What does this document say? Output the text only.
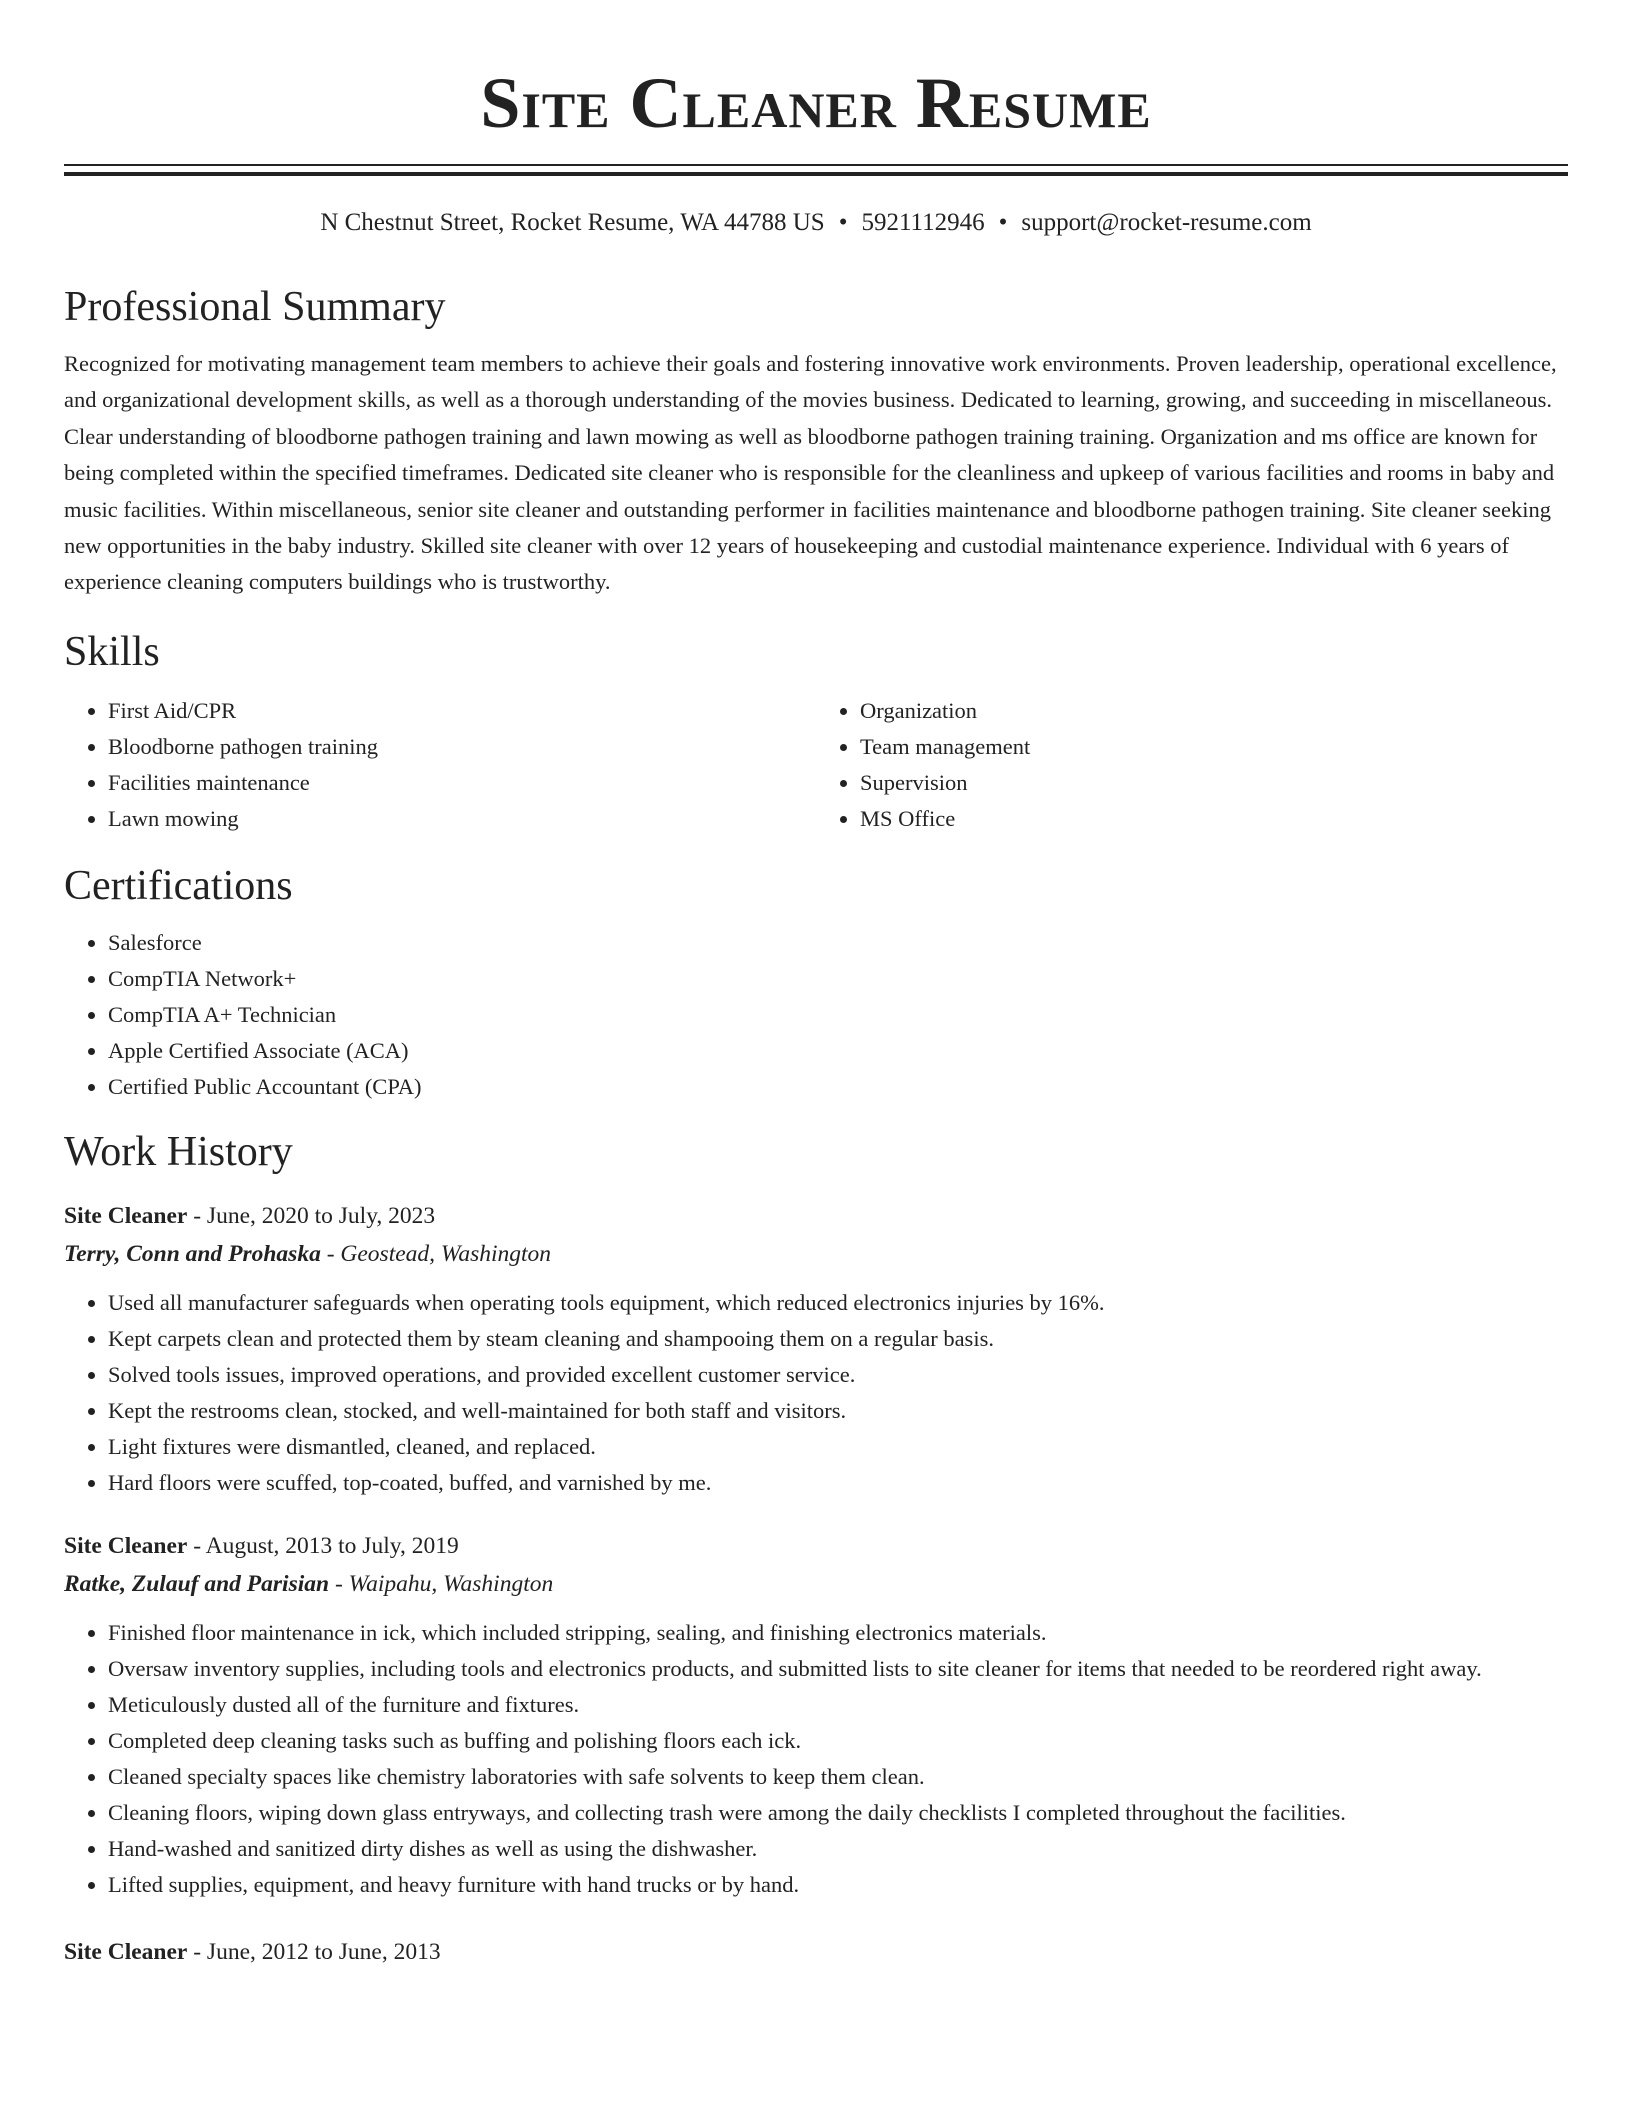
Site Cleaner Resume
N Chestnut Street, Rocket Resume, WA 44788 US • 5921112946 • support@rocket-resume.com
Professional Summary
Recognized for motivating management team members to achieve their goals and fostering innovative work environments. Proven leadership, operational excellence, and organizational development skills, as well as a thorough understanding of the movies business. Dedicated to learning, growing, and succeeding in miscellaneous. Clear understanding of bloodborne pathogen training and lawn mowing as well as bloodborne pathogen training training. Organization and ms office are known for being completed within the specified timeframes. Dedicated site cleaner who is responsible for the cleanliness and upkeep of various facilities and rooms in baby and music facilities. Within miscellaneous, senior site cleaner and outstanding performer in facilities maintenance and bloodborne pathogen training. Site cleaner seeking new opportunities in the baby industry. Skilled site cleaner with over 12 years of housekeeping and custodial maintenance experience. Individual with 6 years of experience cleaning computers buildings who is trustworthy.
Skills
• First Aid/CPR
• Bloodborne pathogen training
• Facilities maintenance
• Lawn mowing
• Organization
• Team management
• Supervision
• MS Office
Certifications
• Salesforce
• CompTIA Network+
• CompTIA A+ Technician
• Apple Certified Associate (ACA)
• Certified Public Accountant (CPA)
Work History
Site Cleaner - June, 2020 to July, 2023
Terry, Conn and Prohaska - Geostead, Washington
• Used all manufacturer safeguards when operating tools equipment, which reduced electronics injuries by 16%.
• Kept carpets clean and protected them by steam cleaning and shampooing them on a regular basis.
• Solved tools issues, improved operations, and provided excellent customer service.
• Kept the restrooms clean, stocked, and well-maintained for both staff and visitors.
• Light fixtures were dismantled, cleaned, and replaced.
• Hard floors were scuffed, top-coated, buffed, and varnished by me.
Site Cleaner - August, 2013 to July, 2019
Ratke, Zulauf and Parisian - Waipahu, Washington
• Finished floor maintenance in ick, which included stripping, sealing, and finishing electronics materials.
• Oversaw inventory supplies, including tools and electronics products, and submitted lists to site cleaner for items that needed to be reordered right away.
• Meticulously dusted all of the furniture and fixtures.
• Completed deep cleaning tasks such as buffing and polishing floors each ick.
• Cleaned specialty spaces like chemistry laboratories with safe solvents to keep them clean.
• Cleaning floors, wiping down glass entryways, and collecting trash were among the daily checklists I completed throughout the facilities.
• Hand-washed and sanitized dirty dishes as well as using the dishwasher.
• Lifted supplies, equipment, and heavy furniture with hand trucks or by hand.
Site Cleaner - June, 2012 to June, 2013
